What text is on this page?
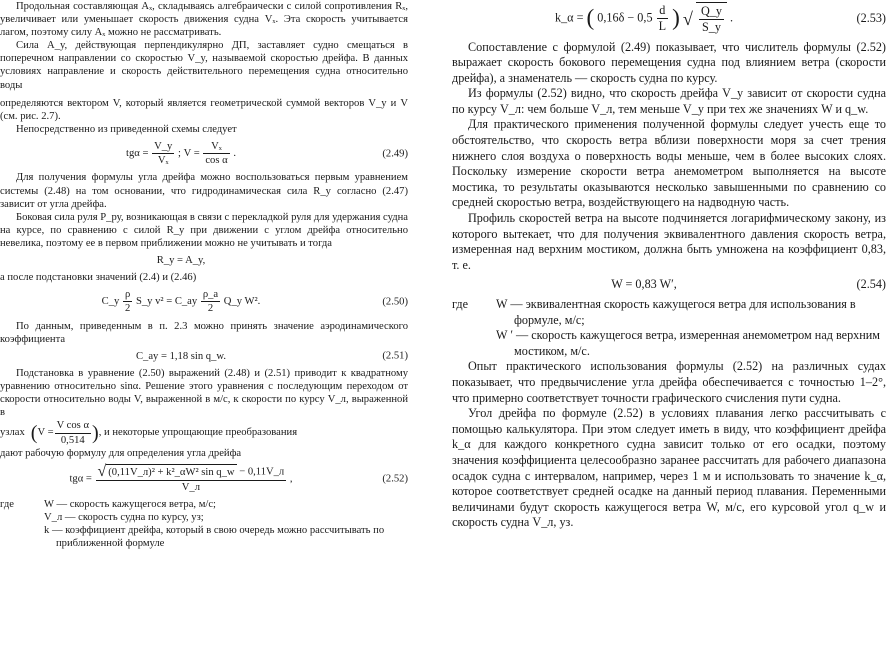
Продольная составляющая Aₓ, складываясь алгебраически с силой сопротивления Rₓ, увеличивает или уменьшает скорость движения судна Vₓ. Эта скорость учитывается лагом, поэтому силу Aₓ можно не рассматривать.

Сила A_y, действующая перпендикулярно ДП, заставляет судно смещаться в поперечном направлении со скоростью V_y, называемой скоростью дрейфа. В данных условиях направление и скорость действительного перемещения судна относительно воды

определяются вектором V, который является геометрической суммой векторов V_y и V (см. рис. 2.7).

Непосредственно из приведенной схемы следует

$tg\alpha = \frac{V\_y}{\text{Vₓ}}$ ; $V = \frac{\text{Vₓ}}{\text{cos α}}$ .	(2.49)

Для получения формулы угла дрейфа можно воспользоваться первым уравнением системы (2.48) на том основании, что гидродинамическая сила R_y согласно (2.47) зависит от угла дрейфа.

Боковая сила руля P_ру, возникающая в связи с перекладкой руля для удержания судна на курсе, по сравнению с силой R_y при движении с углом дрейфа относительно невелика, поэтому ее в первом приближении можно не учитывать и тогда

R_y = A_y,

а после подстановки значений (2.4) и (2.46)

C_y $\frac{\rho}{2}$ S_y v² = C_ay $\frac{\rho\_a}{2}$ Q_y W².	(2.50)

По данным, приведенным в п. 2.3 можно принять значение аэродинамического коэффициента

C_ay = 1,18 sin q_w.	(2.51)

Подстановка в уравнение (2.50) выражений (2.48) и (2.51) приводит к квадратному уравнению относительно sinα. Решение этого уравнения с последующим переходом от скорости относительно воды V, выраженной в м/с, к скорости по курсу V_л, выраженной в

узлах ( $V = \frac{\text{V cos α}}{0,514}$ ) , и некоторые упрощающие преобразования

дают рабочую формулу для определения угла дрейфа

$tg\alpha = \frac{\text{√ (0,11V\_л)² + k²\_αW² sin q\_w − 0,11V\_л}}{V\_л}$ ,	(2.52)
где	W — скорость кажущегося ветра, м/с;

V_л — скорость судна по курсу, уз;

k — коэффициент дрейфа, который в свою очередь можно рассчитывать по приближенной формуле

k_α = ( $0,16\delta - 0,5 \frac{d}{L}$ ) √ $\frac{Q\_y}{S\_y}$ .	(2.53)

Сопоставление с формулой (2.49) показывает, что числитель формулы (2.52) выражает скорость бокового перемещения судна под влиянием ветра (скорости дрейфа), а знаменатель — скорость судна по курсу.

Из формулы (2.52) видно, что скорость дрейфа V_y зависит от скорости судна по курсу V_л: чем больше V_л, тем меньше V_y при тех же значениях W и q_w.

Для практического применения полученной формулы следует учесть еще то обстоятельство, что скорость ветра вблизи поверхности моря за счет трения нижнего слоя воздуха о поверхность воды меньше, чем в более высоких слоях. Поскольку измерение скорости ветра анемометром выполняется на высоте мостика, то результаты оказываются несколько завышенными по сравнению со средней скоростью ветра, воздействующего на надводную часть.

Профиль скоростей ветра на высоте подчиняется логарифмическому закону, из которого вытекает, что для получения эквивалентного давления скорость ветра, измеренная над верхним мостиком, должна быть умножена на коэффициент 0,83, т. е.

W = 0,83 W′,	(2.54)
где	W — эквивалентная скорость кажущегося ветра для использования в формуле, м/с;

W ′ — скорость кажущегося ветра, измеренная анемометром над верхним мостиком, м/с.

Опыт практического использования формулы (2.52) на различных судах показывает, что предвычисление угла дрейфа обеспечивается с точностью 1–2°, что примерно соответствует точности графического счисления пути судна.

Угол дрейфа по формуле (2.52) в условиях плавания легко рассчитывать с помощью калькулятора. При этом следует иметь в виду, что коэффициент дрейфа k_α для каждого конкретного судна зависит только от его осадки, поэтому значения коэффициента целесообразно заранее рассчитать для рабочего диапазона осадок судна с интервалом, например, через 1 м и использовать то значение k_α, которое соответствует средней осадке на данный период плавания. Переменными величинами будут скорость кажущегося ветра W, м/с, его курсовой угол q_w и скорость судна V_л, уз.
